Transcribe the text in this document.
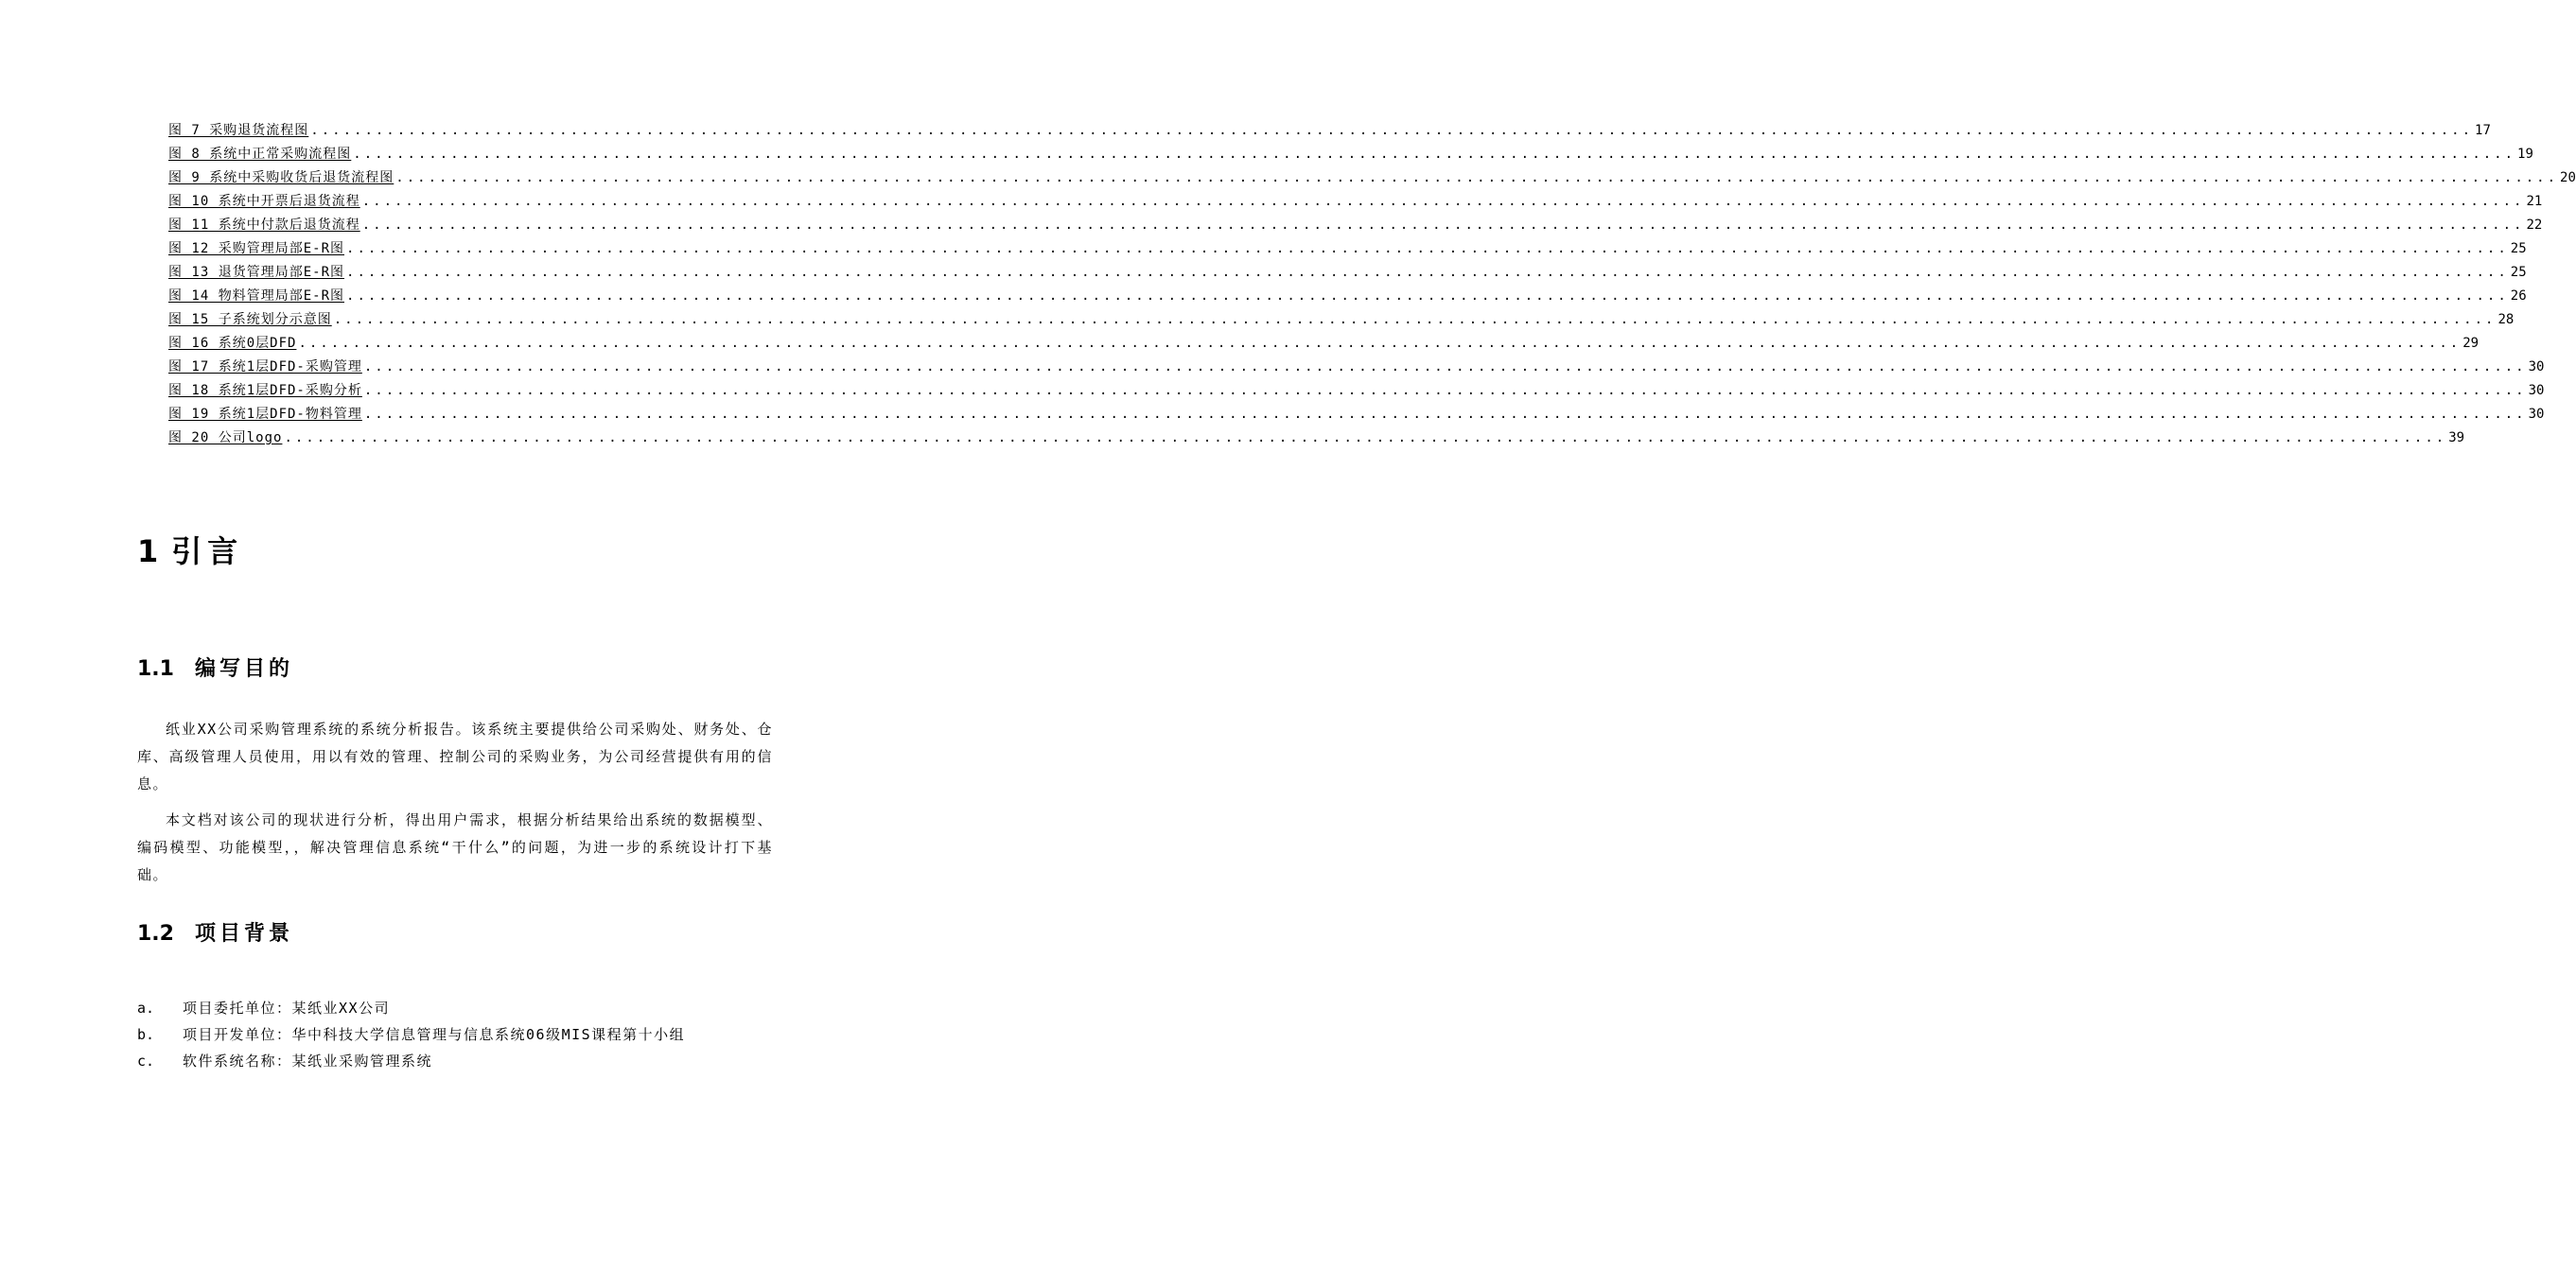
图 7 采购退货流程图 ........................................................................................................................................................................................................ 17
图 8 系统中正常采购流程图 ........................................................................................................................................................................................................ 19
图 9 系统中采购收货后退货流程图 ........................................................................................................................................................................................................ 20
图 10 系统中开票后退货流程 ........................................................................................................................................................................................................ 21
图 11 系统中付款后退货流程 ........................................................................................................................................................................................................ 22
图 12 采购管理局部E-R图 ........................................................................................................................................................................................................ 25
图 13 退货管理局部E-R图 ........................................................................................................................................................................................................ 25
图 14 物料管理局部E-R图 ........................................................................................................................................................................................................ 26
图 15 子系统划分示意图 ........................................................................................................................................................................................................ 28
图 16 系统0层DFD ........................................................................................................................................................................................................ 29
图 17 系统1层DFD-采购管理 ........................................................................................................................................................................................................ 30
图 18 系统1层DFD-采购分析 ........................................................................................................................................................................................................ 30
图 19 系统1层DFD-物料管理 ........................................................................................................................................................................................................ 30
图 20 公司logo ........................................................................................................................................................................................................ 39
1 引言
1.1 编写目的

纸业XX公司采购管理系统的系统分析报告。该系统主要提供给公司采购处、财务处、仓库、高级管理人员使用，用以有效的管理、控制公司的采购业务，为公司经营提供有用的信息。

本文档对该公司的现状进行分析，得出用户需求，根据分析结果给出系统的数据模型、编码模型、功能模型，，解决管理信息系统“干什么”的问题，为进一步的系统设计打下基础。

1.2 项目背景
a. 项目委托单位：某纸业XX公司
b. 项目开发单位：华中科技大学信息管理与信息系统06级MIS课程第十小组
c. 软件系统名称：某纸业采购管理系统
